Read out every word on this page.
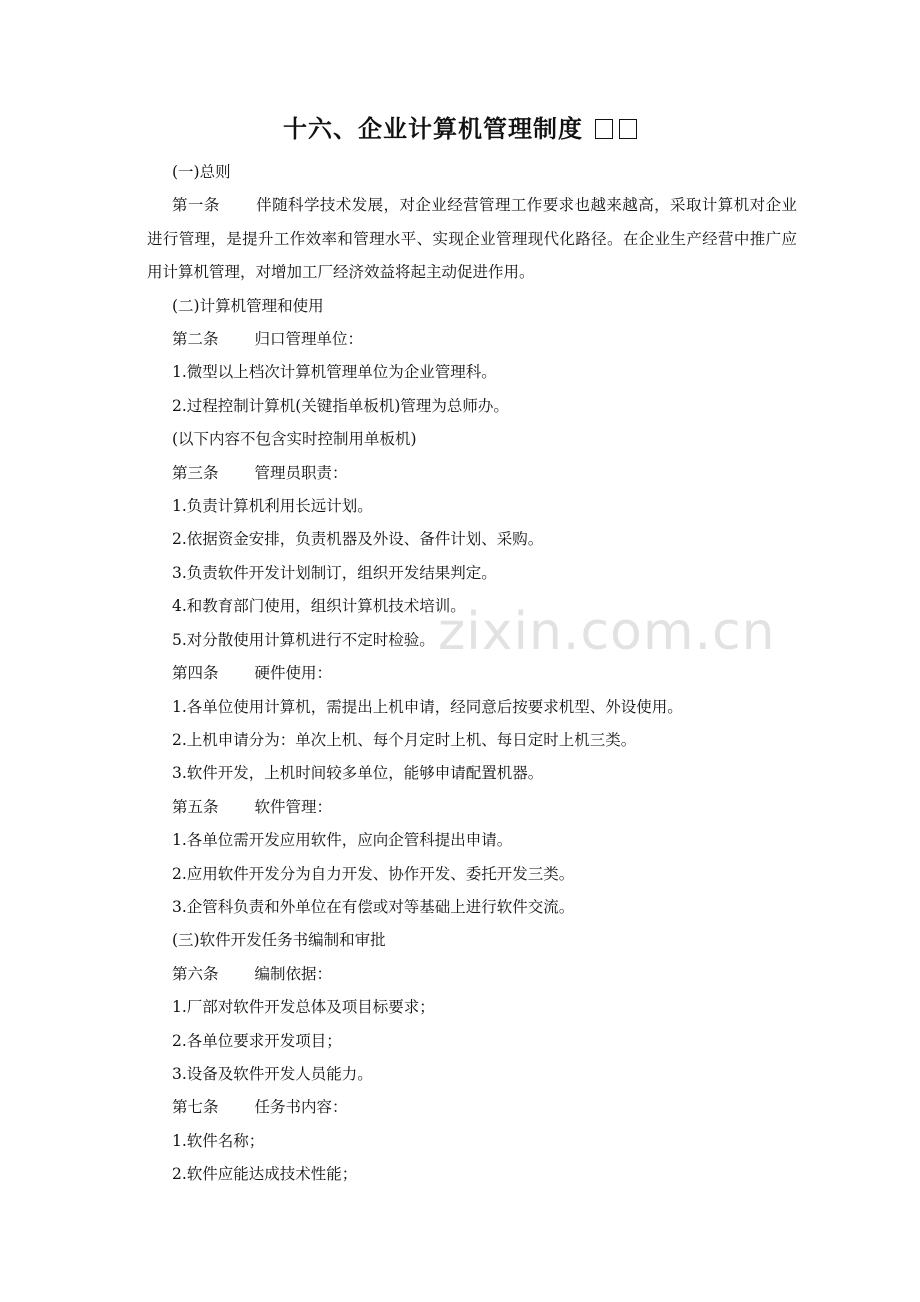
十六、企业计算机管理制度

(一)总则

第一条 伴随科学技术发展，对企业经营管理工作要求也越来越高，采取计算机对企业进行管理，是提升工作效率和管理水平、实现企业管理现代化路径。在企业生产经营中推广应用计算机管理，对增加工厂经济效益将起主动促进作用。

(二)计算机管理和使用

第二条 归口管理单位：

1.微型以上档次计算机管理单位为企业管理科。

2.过程控制计算机(关键指单板机)管理为总师办。

(以下内容不包含实时控制用单板机)

第三条 管理员职责：

1.负责计算机利用长远计划。

2.依据资金安排，负责机器及外设、备件计划、采购。

3.负责软件开发计划制订，组织开发结果判定。

4.和教育部门使用，组织计算机技术培训。

5.对分散使用计算机进行不定时检验。

第四条 硬件使用：

1.各单位使用计算机，需提出上机申请，经同意后按要求机型、外设使用。

2.上机申请分为：单次上机、每个月定时上机、每日定时上机三类。

3.软件开发，上机时间较多单位，能够申请配置机器。

第五条 软件管理：

1.各单位需开发应用软件，应向企管科提出申请。

2.应用软件开发分为自力开发、协作开发、委托开发三类。

3.企管科负责和外单位在有偿或对等基础上进行软件交流。

(三)软件开发任务书编制和审批

第六条 编制依据：

1.厂部对软件开发总体及项目标要求；

2.各单位要求开发项目；

3.设备及软件开发人员能力。

第七条 任务书内容：

1.软件名称；

2.软件应能达成技术性能；

zixin.com.cn
